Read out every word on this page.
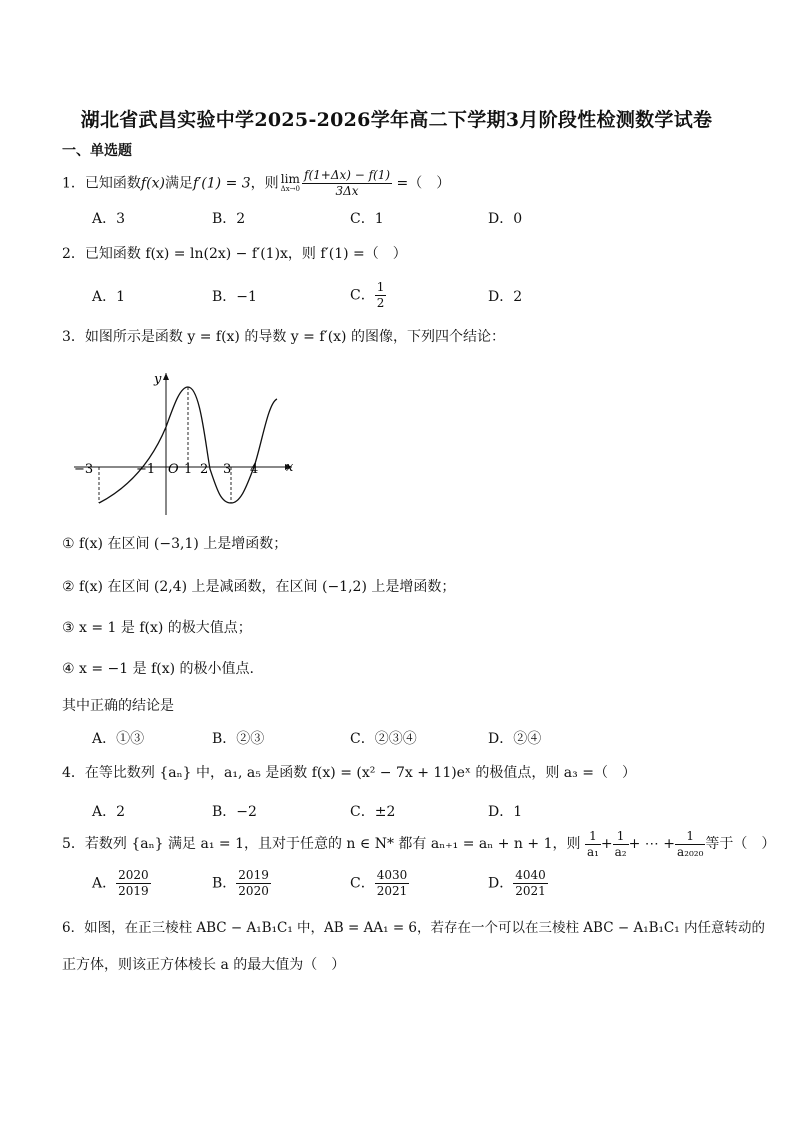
湖北省武昌实验中学2025-2026学年高二下学期3月阶段性检测数学试卷
一、单选题
1．已知函数f(x)满足f′(1) = 3，则 lim
$\Delta x\to 0 \frac{f(1+\Delta x) - f(1)}{3\Delta x}$ =（　）
A．3	B．2	C．1	D．0
2．已知函数 f(x) = ln(2x) − f′(1)x，则 f′(1) =（　）
A．1	B．−1	C． $\frac{1}{2}$	D．2
3．如图所示是函数 y = f(x) 的导数 y = f′(x) 的图像，下列四个结论：
y
x
−3	−1 O 1 2 3 4
① f(x) 在区间 (−3,1) 上是增函数；
② f(x) 在区间 (2,4) 上是减函数，在区间 (−1,2) 上是增函数；
③ x = 1 是 f(x) 的极大值点；
④ x = −1 是 f(x) 的极小值点.
其中正确的结论是
A．①③	B．②③	C．②③④	D．②④
4．在等比数列 {aₙ} 中，a₁, a₅ 是函数 f(x) = (x² − 7x + 11)eˣ 的极值点，则 a₃ =（　）
A．2	B．−2	C．±2	D．1
5．若数列 {aₙ} 满足 a₁ = 1，且对于任意的 n ∈ N* 都有 aₙ₊₁ = aₙ + n + 1，则 $\frac{1}{\text{a₁}} + \frac{1}{\text{a₂}}$ + ⋯ + $\frac{1}{\text{a₂₀₂₀}}$ 等于（　）
A． $\frac{2020}{2019}$	B． $\frac{2019}{2020}$	C． $\frac{4030}{2021}$	D． $\frac{4040}{2021}$
6．如图，在正三棱柱 ABC − A₁B₁C₁ 中，AB = AA₁ = 6，若存在一个可以在三棱柱 ABC − A₁B₁C₁ 内任意转动的
正方体，则该正方体棱长 a 的最大值为（　）
